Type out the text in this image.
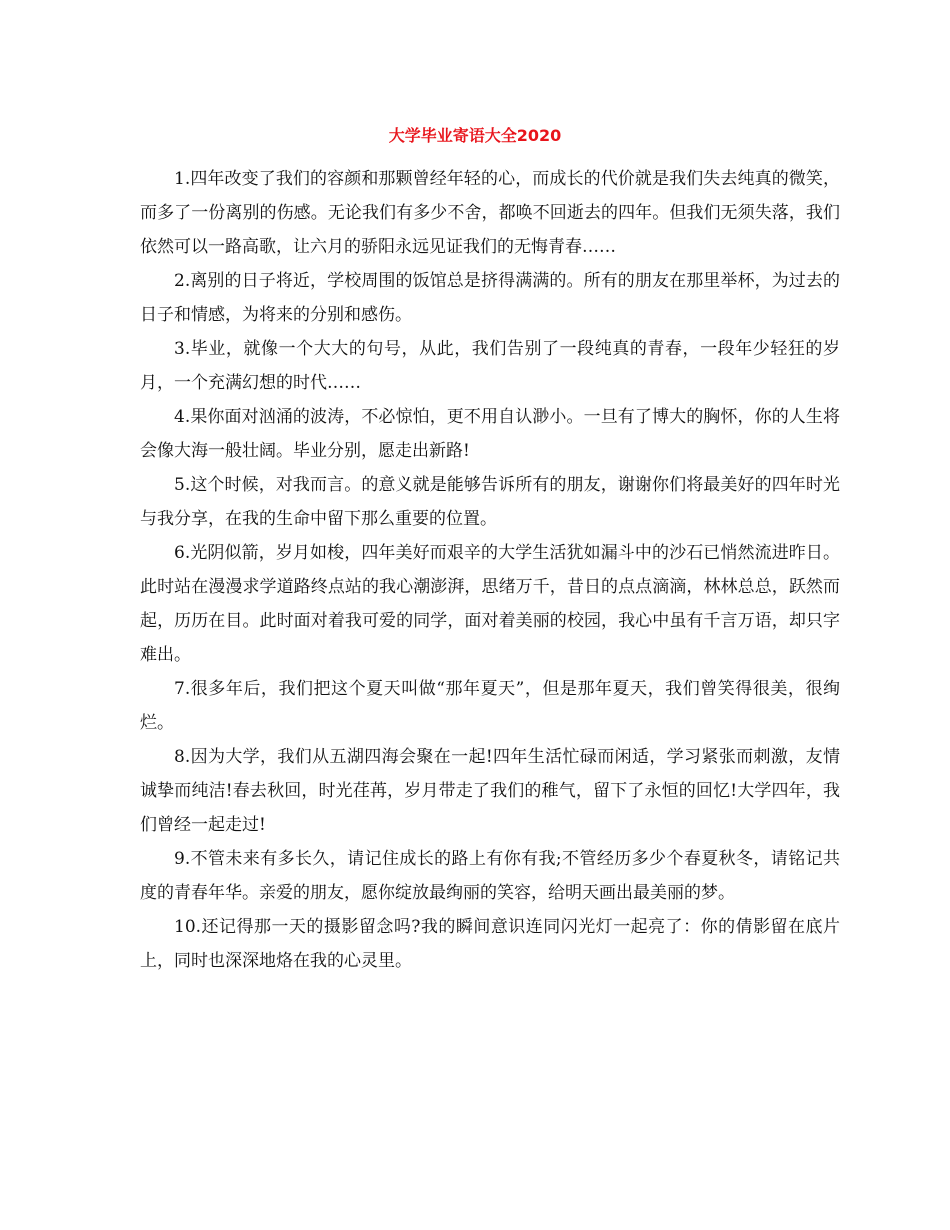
大学毕业寄语大全2020

1.四年改变了我们的容颜和那颗曾经年轻的心，而成长的代价就是我们失去纯真的微笑，而多了一份离别的伤感。无论我们有多少不舍，都唤不回逝去的四年。但我们无须失落，我们依然可以一路高歌，让六月的骄阳永远见证我们的无悔青春……

2.离别的日子将近，学校周围的饭馆总是挤得满满的。所有的朋友在那里举杯，为过去的日子和情感，为将来的分别和感伤。

3.毕业，就像一个大大的句号，从此，我们告别了一段纯真的青春，一段年少轻狂的岁月，一个充满幻想的时代……

4.果你面对汹涌的波涛，不必惊怕，更不用自认渺小。一旦有了博大的胸怀，你的人生将会像大海一般壮阔。毕业分别，愿走出新路!

5.这个时候，对我而言。的意义就是能够告诉所有的朋友，谢谢你们将最美好的四年时光与我分享，在我的生命中留下那么重要的位置。

6.光阴似箭，岁月如梭，四年美好而艰辛的大学生活犹如漏斗中的沙石已悄然流进昨日。此时站在漫漫求学道路终点站的我心潮澎湃，思绪万千，昔日的点点滴滴，林林总总，跃然而起，历历在目。此时面对着我可爱的同学，面对着美丽的校园，我心中虽有千言万语，却只字难出。

7.很多年后，我们把这个夏天叫做“那年夏天”，但是那年夏天，我们曾笑得很美，很绚烂。

8.因为大学，我们从五湖四海会聚在一起!四年生活忙碌而闲适，学习紧张而刺激，友情诚挚而纯洁!春去秋回，时光荏苒，岁月带走了我们的稚气，留下了永恒的回忆!大学四年，我们曾经一起走过!

9.不管未来有多长久，请记住成长的路上有你有我;不管经历多少个春夏秋冬，请铭记共度的青春年华。亲爱的朋友，愿你绽放最绚丽的笑容，给明天画出最美丽的梦。

10.还记得那一天的摄影留念吗?我的瞬间意识连同闪光灯一起亮了：你的倩影留在底片上，同时也深深地烙在我的心灵里。
